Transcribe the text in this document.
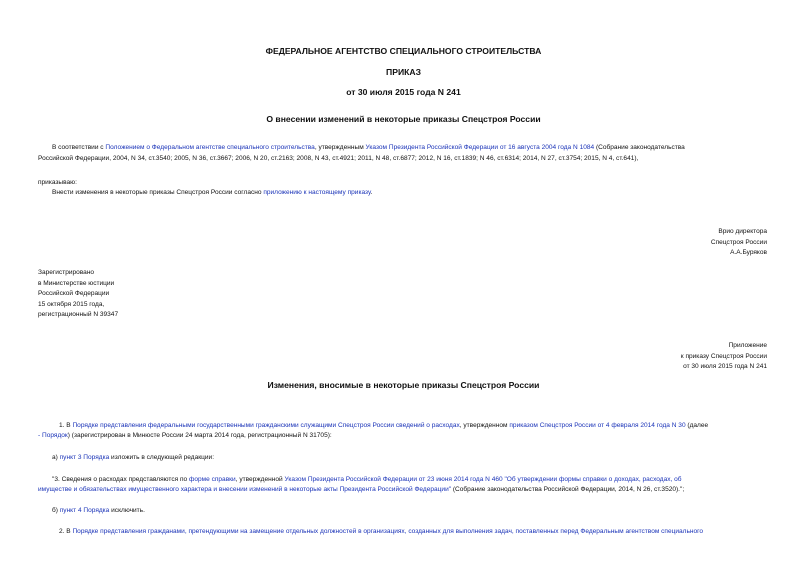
ФЕДЕРАЛЬНОЕ АГЕНТСТВО СПЕЦИАЛЬНОГО СТРОИТЕЛЬСТВА
ПРИКАЗ
от 30 июля 2015 года N 241
О внесении изменений в некоторые приказы Спецстроя России

В соответствии с Положением о Федеральном агентстве специального строительства, утвержденным Указом Президента Российской Федерации от 16 августа 2004 года N 1084 (Собрание законодательства

Российской Федерации, 2004, N 34, ст.3540; 2005, N 36, ст.3667; 2006, N 20, ст.2163; 2008, N 43, ст.4921; 2011, N 48, ст.6877; 2012, N 16, ст.1839; N 46, ст.6314; 2014, N 27, ст.3754; 2015, N 4, ст.641),

приказываю:

Внести изменения в некоторые приказы Спецстроя России согласно приложению к настоящему приказу.

Врио директора
Спецстроя России
А.А.Буряков
Зарегистрировано
в Министерстве юстиции
Российской Федерации
15 октября 2015 года,
регистрационный N 39347
Приложение
к приказу Спецстроя России
от 30 июля 2015 года N 241
Изменения, вносимые в некоторые приказы Спецстроя России

1. В Порядке представления федеральными государственными гражданскими служащими Спецстроя России сведений о расходах, утвержденном приказом Спецстроя России от 4 февраля 2014 года N 30 (далее

- Порядок) (зарегистрирован в Минюсте России 24 марта 2014 года, регистрационный N 31705):

а) пункт 3 Порядка изложить в следующей редакции:

"3. Сведения о расходах представляются по форме справки, утвержденной Указом Президента Российской Федерации от 23 июня 2014 года N 460 "Об утверждении формы справки о доходах, расходах, об

имуществе и обязательствах имущественного характера и внесении изменений в некоторые акты Президента Российской Федерации" (Собрание законодательства Российской Федерации, 2014, N 26, ст.3520).";

б) пункт 4 Порядка исключить.

2. В Порядке представления гражданами, претендующими на замещение отдельных должностей в организациях, созданных для выполнения задач, поставленных перед Федеральным агентством специального
